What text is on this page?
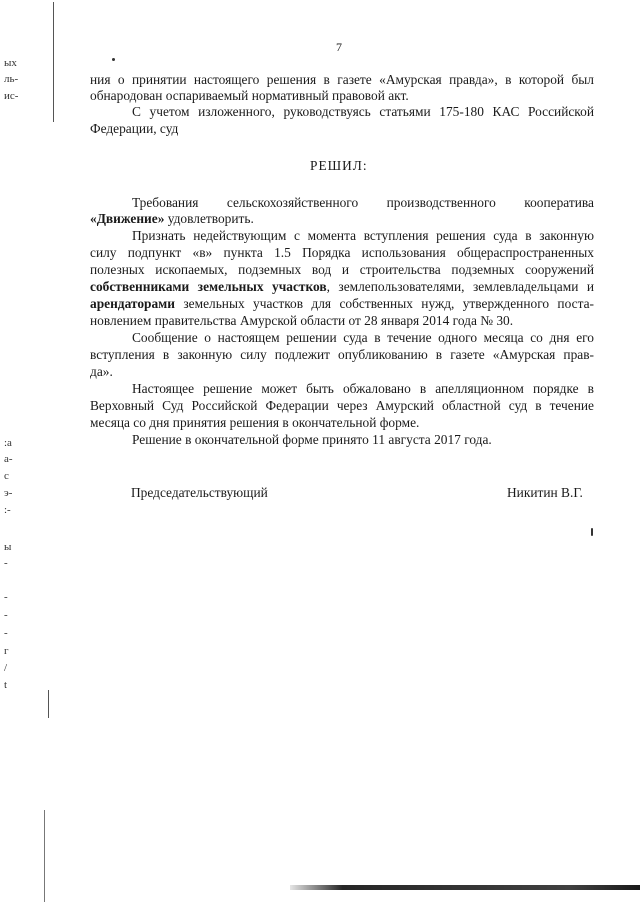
7
ых
ль-
ис-
:а
а-
с
э-
:-
ы
-
-
-
-
г
/
t
ния о принятии настоящего решения в газете «Амурская правда», в которой был
обнародован оспариваемый нормативный правовой акт.
С учетом изложенного, руководствуясь статьями 175-180 КАС Российской
Федерации, суд
РЕШИЛ:
Требования сельскохозяйственного производственного кооператива
«Движение» удовлетворить.
Признать недействующим с момента вступления решения суда в законную
силу подпункт «в» пункта 1.5 Порядка использования общераспространенных
полезных ископаемых, подземных вод и строительства подземных сооружений
собственниками земельных участков, землепользователями, землевладельцами и
арендаторами земельных участков для собственных нужд, утвержденного поста-
новлением правительства Амурской области от 28 января 2014 года № 30.
Сообщение о настоящем решении суда в течение одного месяца со дня его
вступления в законную силу подлежит опубликованию в газете «Амурская прав-
да».
Настоящее решение может быть обжаловано в апелляционном порядке в
Верховный Суд Российской Федерации через Амурский областной суд в течение
месяца со дня принятия решения в окончательной форме.
Решение в окончательной форме принято 11 августа 2017 года.
Председательствующий	Никитин В.Г.
